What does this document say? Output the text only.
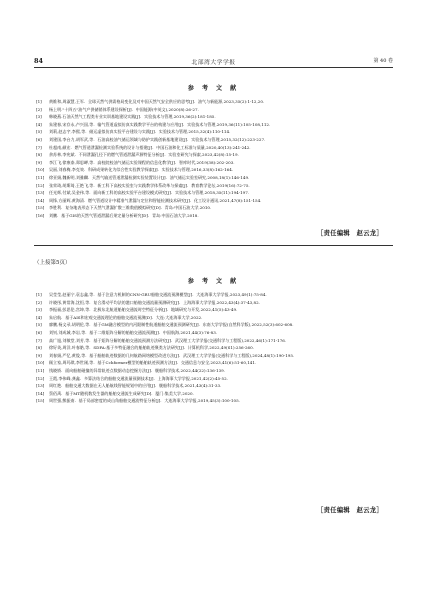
84	北部湾大学学报	第 40 卷
参 考 文 献
[1] 黄维和,周淑慧,王军．全球天然气供需格局变化及对中国天然气安全供应的思考[J]．油气与新能源,2023,35(2):1-12,20.
[2] 杨上明."十四五"油气产供储销体系建设探析[J]．中国能源(中英文),2020(8):26-27.
[3] 韩晓燕.石油天然气工程类专业实训基地建设实践[J]．实验技术与管理,2019,36(2):181-185.
[4] 朱建春,宋存永,卢兴国,等．输气管道虚拟仿真实践教学平台的构建与应用[J]．实验技术与管理,2019,36(11):105-108,112.
[5] 刘莉,赵志宇,李熙,等．储运虚拟仿真实验平台建设与实践[J]．实验技术与管理,2015,32(4):110-114.
[6] 刘建国,李台力,胡军武,等．石油高校油气储运领域与防护实践创新基地建设[J]．实验技术与管理,2015,32(12):223-227.
[7] 杜超南,颜宏．燃气管道泄漏检测实验系统的设计与搭建[J]．中国石油和化工标准与质量,2020,40(13):241-242.
[8] 余苏林,李宪斌．不同泄漏孔径下的燃气管道泄漏声源特征分析[J]．实验室研究与探索,2023,42(8):15-19.
[9] 李江飞,徐康泰,郑思岬,等．高校院校油气储运实验课程的信息化教学[J]．智库时代,2019(38):202-203.
[10] 吴丽,刘春梅,李克效．科研成果转化为综合性实验教学探索[J]．实验技术与管理,2016,33(8):162-164.
[11] 徐亚娟,魏新明,刘雅麟．天然气输送管道泄漏检测实验装置设计[J]．油气储运实验室研究,2008,18(1):146-149.
[12] 张荣琦,胡斯琦,王艳飞,等．新工科下高校实验室与实践教学体系改革与探索[J]．教育教学论坛,2019(16):72-75.
[13] 任光辉,付斌,吴金伟,等．面向新工科的高校实验平台建设模式研究[J]．实验技术与管理,2018,35(11):194-197.
[14] 周锋,方丽辉,黄海清．燃气管道设计中精准气泄漏与定位和智能检测技术研究[J]．化工设计通讯,2021,47(8):151-154.
[15] 李胜利．复杂地表形态下天然气泄漏扩散三维数值模拟研究[D]．青岛:中国石油大学,2010.
[16] 刘鹏．基于GIS的天然气管道泄漏后果定量分析研究[D]．青岛:中国石油大学,2018.
［责任编辑　赵云龙］
（上接第5页）
参 考 文 献
[1] 吴莹莹,赵丽宁,袁志鑫,等．基于注意力机制的CNN-GRU船舶交通流预测模型[J]．大连海事大学学报,2023,49(1):75-84.
[2] 许晓彤,黄常海,沈恒,等．复合滑动平均法的港口船舶交通流量预测研究[J]．上海海事大学学报,2022,43(4):37-43,82.
[3] 李振福,彭思伦,宫坤,等．北极东北航道船舶交通流时空特征分析[J]．地域研究与开发,2022,41(5):43-49.
[4] 朱启航．基于AIS和宏观交通流理论的船舶交通流预测[D]．大连:大连海事大学,2022.
[5] 廖鹏,杨文录,胡明伦,等．基于GM融合模型的内河限制性航道船舶交通流预测研究[J]．东南大学学报(自然科学版),2022,52(3):602-608.
[6] 刘钊,刘成城,李岩,等．基于二维矩阵分解的船舶交通流预测[J]．中国航海,2021,44(3):76-83.
[7] 高广旭,刘敏堂,刘芳,等．基于矩阵分解的船舶交通流预测方法研究[J]．武汉理工大学学报(交通科学与工程版),2022,46(1):171-176.
[8] 徐好英,周洋,叶春皓,等．SDFA:基于多特征融合的船舶轨迹聚类方法研究[J]．计算机科学,2022,49(S1):256-260.
[9] 刘春娟,严忆,黄俊,等．基于船舶轨迹数据的几何航路网络模型改进方法[J]．武汉理工大学学报(交通科学与工程版),2024,48(1):190-195.
[10] 顾立家,周玛琪,李世刚,等．基于Cchformer模型的船舶轨迹预测方法[J]．交通信息与安全,2023,41(6):51-60,141.
[11] 钱晓娇．面向船舶碰撞的异常轨迹点数据动态挖掘方法[J]．舰船科学技术,2022,44(22):136-139.
[12] 王霞,李伟峰,龚鑫．多算法结合的船舶交通流量预测技术[J]．上海海事大学学报,2021,42(2):45-52.
[13] 周红艳．船舶交通大数据在无人船航线智能规划中的应用[J]．舰船科学技术,2021,43(4):31-33.
[14] 蔡佰禹．基于MT随机数发生器的船舶交通流生成研究[D]．厦门:集美大学,2020.
[15] 周世强,熊振南．基于局部密度的成山角船舶交通流特征分析[J]．大连海事大学学报,2019,45(3):100-105.
［责任编辑　赵云龙］
